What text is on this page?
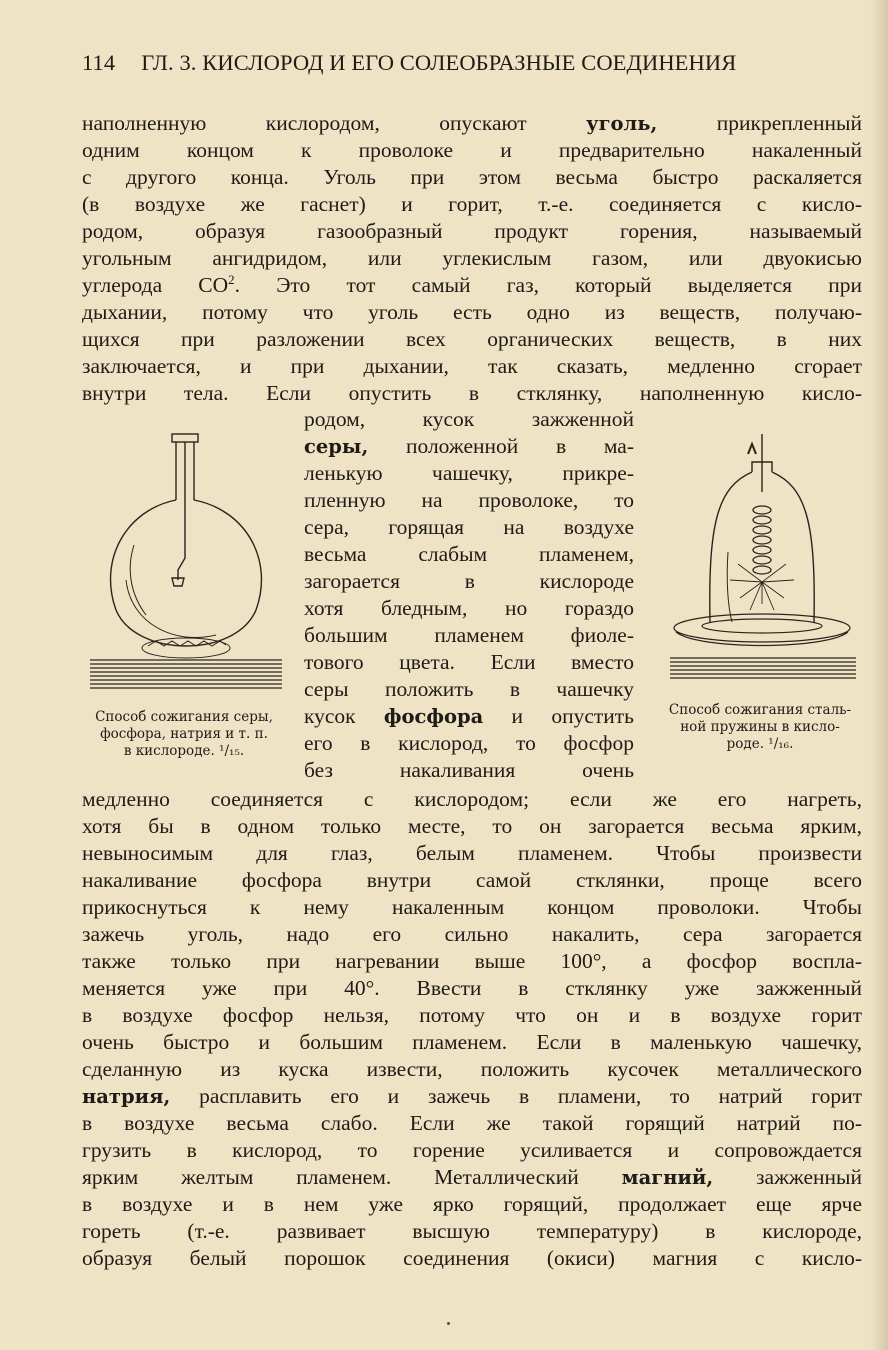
114 ГЛ. 3. КИСЛОРОД И ЕГО СОЛЕОБРАЗНЫЕ СОЕДИНЕНИЯ
наполненную кислородом, опускают уголь, прикрепленный
одним концом к проволоке и предварительно накаленный
с другого конца. Уголь при этом весьма быстро раскаляется
(в воздухе же гаснет) и горит, т.-е. соединяется с кисло-
родом, образуя газообразный продукт горения, называемый
угольным ангидридом, или углекислым газом, или двуокисью
углерода $СО^2$. Это тот самый газ, который выделяется при
дыхании, потому что уголь есть одно из веществ, получаю-
щихся при разложении всех органических веществ, в них
заключается, и при дыхании, так сказать, медленно сгорает
внутри тела. Если опустить в стклянку, наполненную кисло-
родом, кусок зажженной
серы, положенной в ма-
ленькую чашечку, прикре-
пленную на проволоке, то
сера, горящая на воздухе
весьма слабым пламенем,
загорается в кислороде
хотя бледным, но гораздо
большим пламенем фиоле-
тового цвета. Если вместо
серы положить в чашечку
кусок фосфора и опустить
его в кислород, то фосфор
без накаливания очень
Способ сожигания серы,
фосфора, натрия и т. п.
в кислороде. ¹/₁₅.
Способ сожигания сталь-
ной пружины в кисло-
роде. ¹/₁₆.
медленно соединяется с кислородом; если же его нагреть,
хотя бы в одном только месте, то он загорается весьма ярким,
невыносимым для глаз, белым пламенем. Чтобы произвести
накаливание фосфора внутри самой стклянки, проще всего
прикоснуться к нему накаленным концом проволоки. Чтобы
зажечь уголь, надо его сильно накалить, сера загорается
также только при нагревании выше 100°, а фосфор воспла-
меняется уже при 40°. Ввести в стклянку уже зажженный
в воздухе фосфор нельзя, потому что он и в воздухе горит
очень быстро и большим пламенем. Если в маленькую чашечку,
сделанную из куска извести, положить кусочек металлического
натрия, расплавить его и зажечь в пламени, то натрий горит
в воздухе весьма слабо. Если же такой горящий натрий по-
грузить в кислород, то горение усиливается и сопровождается
ярким желтым пламенем. Металлический магний, зажженный
в воздухе и в нем уже ярко горящий, продолжает еще ярче
гореть (т.-е. развивает высшую температуру) в кислороде,
образуя белый порошок соединения (окиси) магния с кисло-
